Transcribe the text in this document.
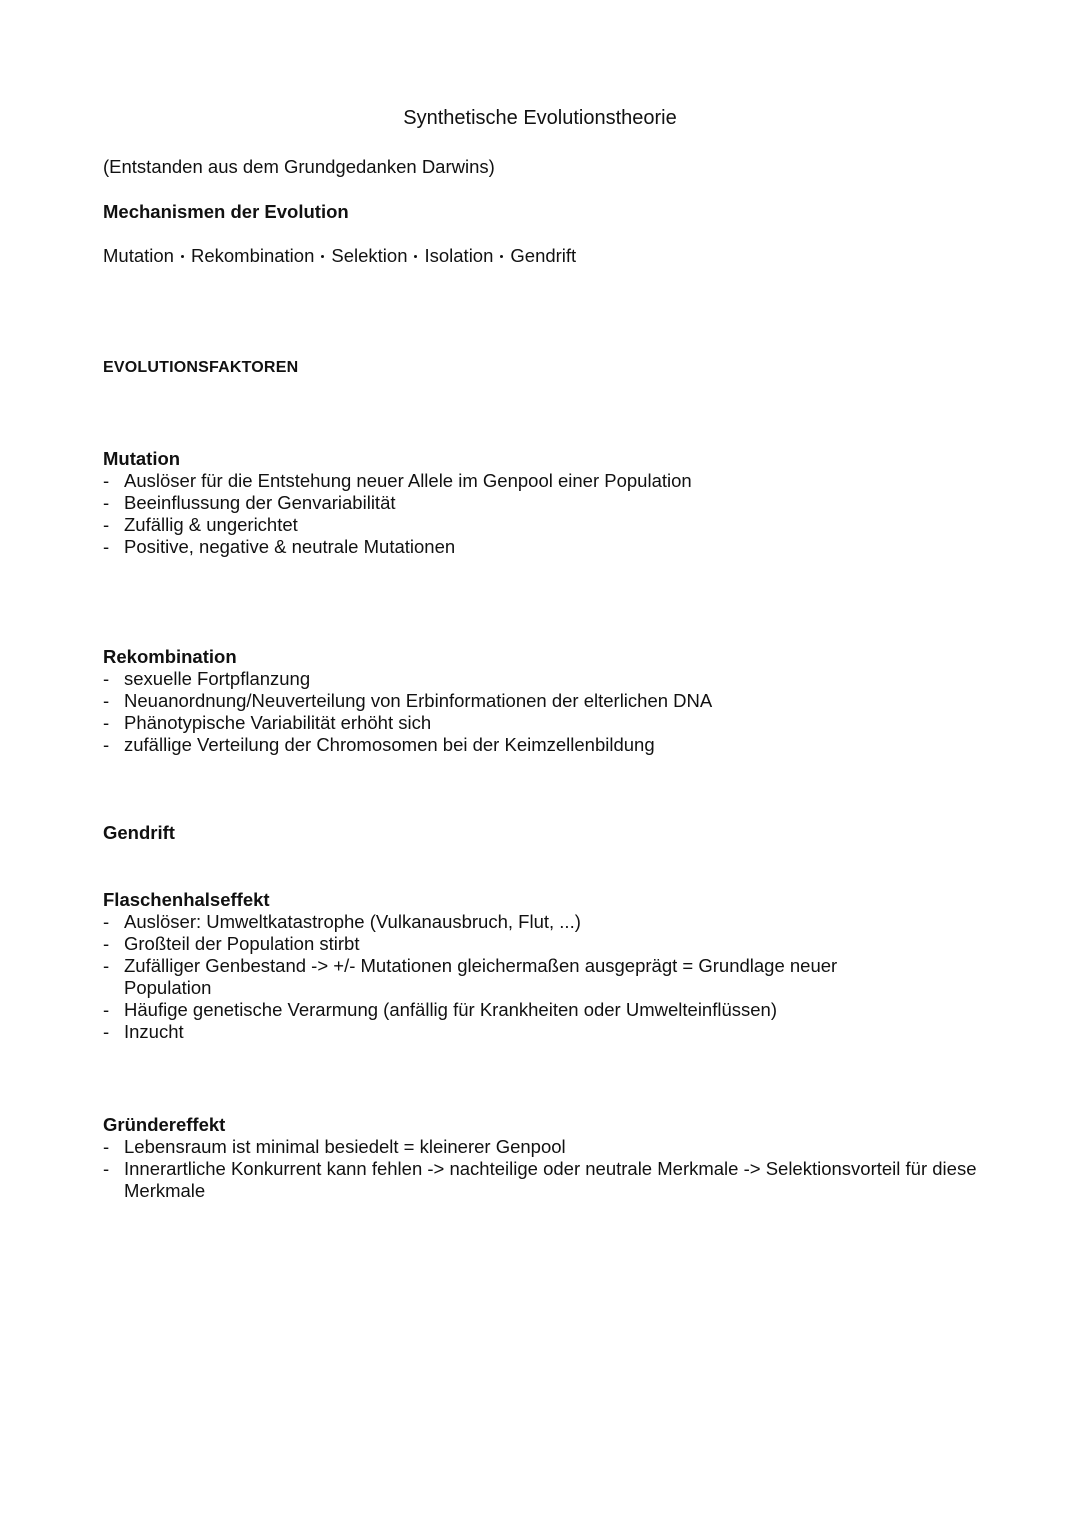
Synthetische Evolutionstheorie
(Entstanden aus dem Grundgedanken Darwins)
Mechanismen der Evolution
Mutation Rekombination Selektion Isolation Gendrift
EVOLUTIONSFAKTOREN
Mutation
- Auslöser für die Entstehung neuer Allele im Genpool einer Population
- Beeinflussung der Genvariabilität
- Zufällig & ungerichtet
- Positive, negative & neutrale Mutationen
Rekombination
- sexuelle Fortpflanzung
- Neuanordnung/Neuverteilung von Erbinformationen der elterlichen DNA
- Phänotypische Variabilität erhöht sich
- zufällige Verteilung der Chromosomen bei der Keimzellenbildung
Gendrift
Flaschenhalseffekt
- Auslöser: Umweltkatastrophe (Vulkanausbruch, Flut, ...)
- Großteil der Population stirbt
- Zufälliger Genbestand -> +/- Mutationen gleichermaßen ausgeprägt = Grundlage neuer Population
- Häufige genetische Verarmung (anfällig für Krankheiten oder Umwelteinflüssen)
- Inzucht
Gründereffekt
- Lebensraum ist minimal besiedelt = kleinerer Genpool
- Innerartliche Konkurrent kann fehlen -> nachteilige oder neutrale Merkmale -> Selektionsvorteil für diese Merkmale
